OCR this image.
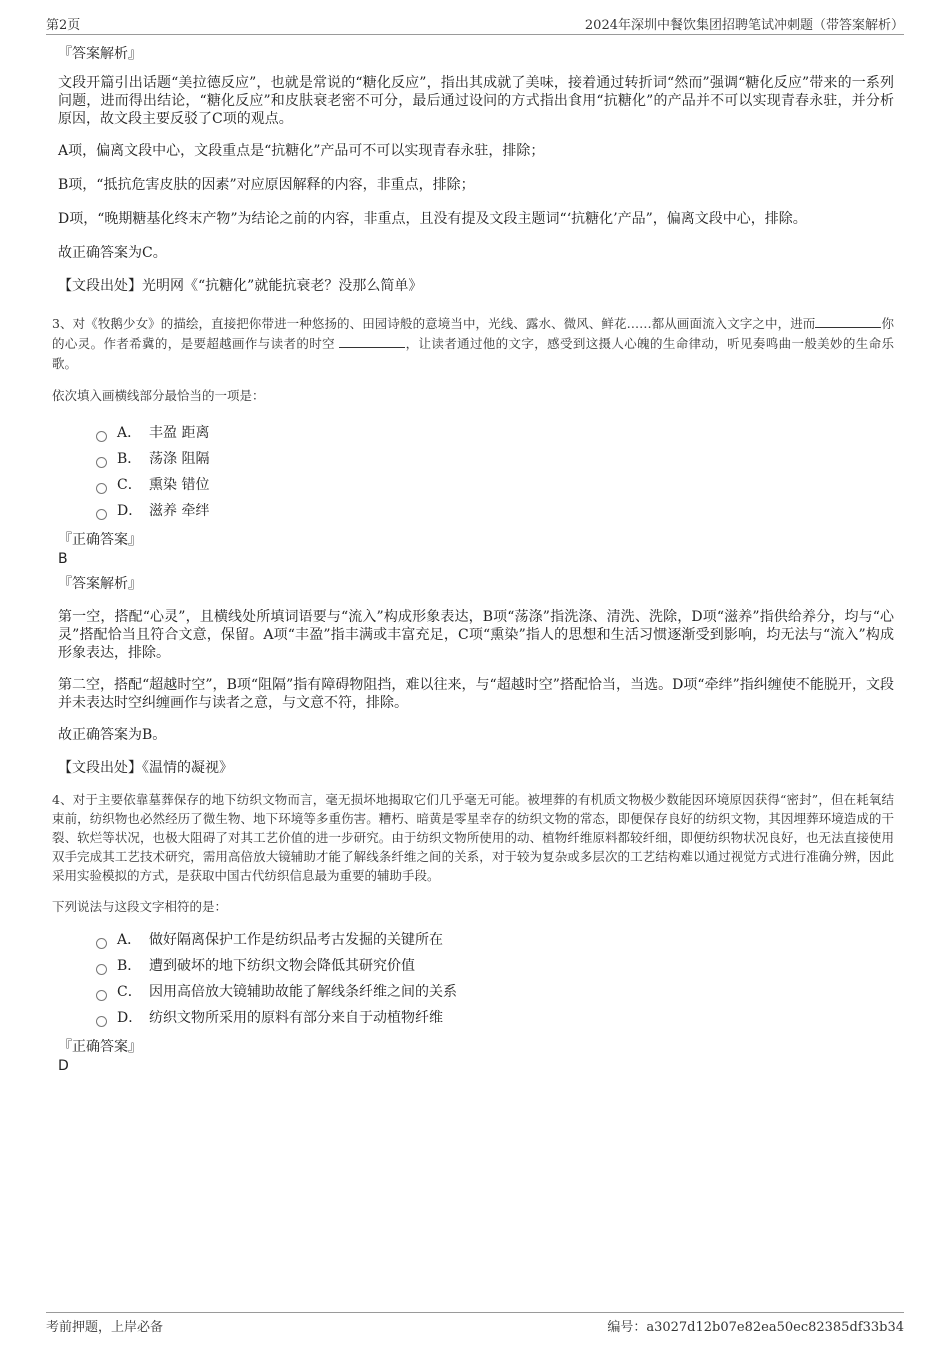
第2页	2024年深圳中餐饮集团招聘笔试冲刺题（带答案解析）
『答案解析』

文段开篇引出话题“美拉德反应”，也就是常说的“糖化反应”，指出其成就了美味，接着通过转折词“然而”强调“糖化反应”带来的一系列问题，进而得出结论，“糖化反应”和皮肤衰老密不可分，最后通过设问的方式指出食用“抗糖化”的产品并不可以实现青春永驻，并分析原因，故文段主要反驳了C项的观点。

A项，偏离文段中心，文段重点是“抗糖化”产品可不可以实现青春永驻，排除；

B项，“抵抗危害皮肤的因素”对应原因解释的内容，非重点，排除；

D项，“晚期糖基化终末产物”为结论之前的内容，非重点，且没有提及文段主题词“‘抗糖化’产品”，偏离文段中心，排除。

故正确答案为C。

【文段出处】光明网《“抗糖化”就能抗衰老？没那么简单》

3、对《牧鹅少女》的描绘，直接把你带进一种悠扬的、田园诗般的意境当中，光线、露水、微风、鲜花……都从画面流入文字之中，进而	你的心灵。作者希冀的，是要超越画作与读者的时空	，让读者通过他的文字，感受到这摄人心魄的生命律动，听见奏鸣曲一般美妙的生命乐歌。

依次填入画横线部分最恰当的一项是：

A． 丰盈 距离
B． 荡涤 阻隔
C． 熏染 错位
D． 滋养 牵绊
『正确答案』
B
『答案解析』

第一空，搭配“心灵”，且横线处所填词语要与“流入”构成形象表达，B项“荡涤”指洗涤、清洗、洗除，D项“滋养”指供给养分，均与“心灵”搭配恰当且符合文意，保留。A项“丰盈”指丰满或丰富充足，C项“熏染”指人的思想和生活习惯逐渐受到影响，均无法与“流入”构成形象表达，排除。

第二空，搭配“超越时空”，B项“阻隔”指有障碍物阻挡，难以往来，与“超越时空”搭配恰当，当选。D项“牵绊”指纠缠使不能脱开，文段并未表达时空纠缠画作与读者之意，与文意不符，排除。

故正确答案为B。

【文段出处】《温情的凝视》

4、对于主要依靠墓葬保存的地下纺织文物而言，毫无损坏地揭取它们几乎毫无可能。被埋葬的有机质文物极少数能因环境原因获得“密封”，但在耗氧结束前，纺织物也必然经历了微生物、地下环境等多重伤害。糟朽、暗黄是零星幸存的纺织文物的常态，即便保存良好的纺织文物，其因埋葬环境造成的干裂、软烂等状况，也极大阻碍了对其工艺价值的进一步研究。由于纺织文物所使用的动、植物纤维原料都较纤细，即便纺织物状况良好，也无法直接使用双手完成其工艺技术研究，需用高倍放大镜辅助才能了解线条纤维之间的关系，对于较为复杂或多层次的工艺结构难以通过视觉方式进行准确分辨，因此采用实验模拟的方式，是获取中国古代纺织信息最为重要的辅助手段。

下列说法与这段文字相符的是：

A． 做好隔离保护工作是纺织品考古发掘的关键所在
B． 遭到破坏的地下纺织文物会降低其研究价值
C． 因用高倍放大镜辅助故能了解线条纤维之间的关系
D． 纺织文物所采用的原料有部分来自于动植物纤维
『正确答案』
D
考前押题，上岸必备	编号：a3027d12b07e82ea50ec82385df33b34
